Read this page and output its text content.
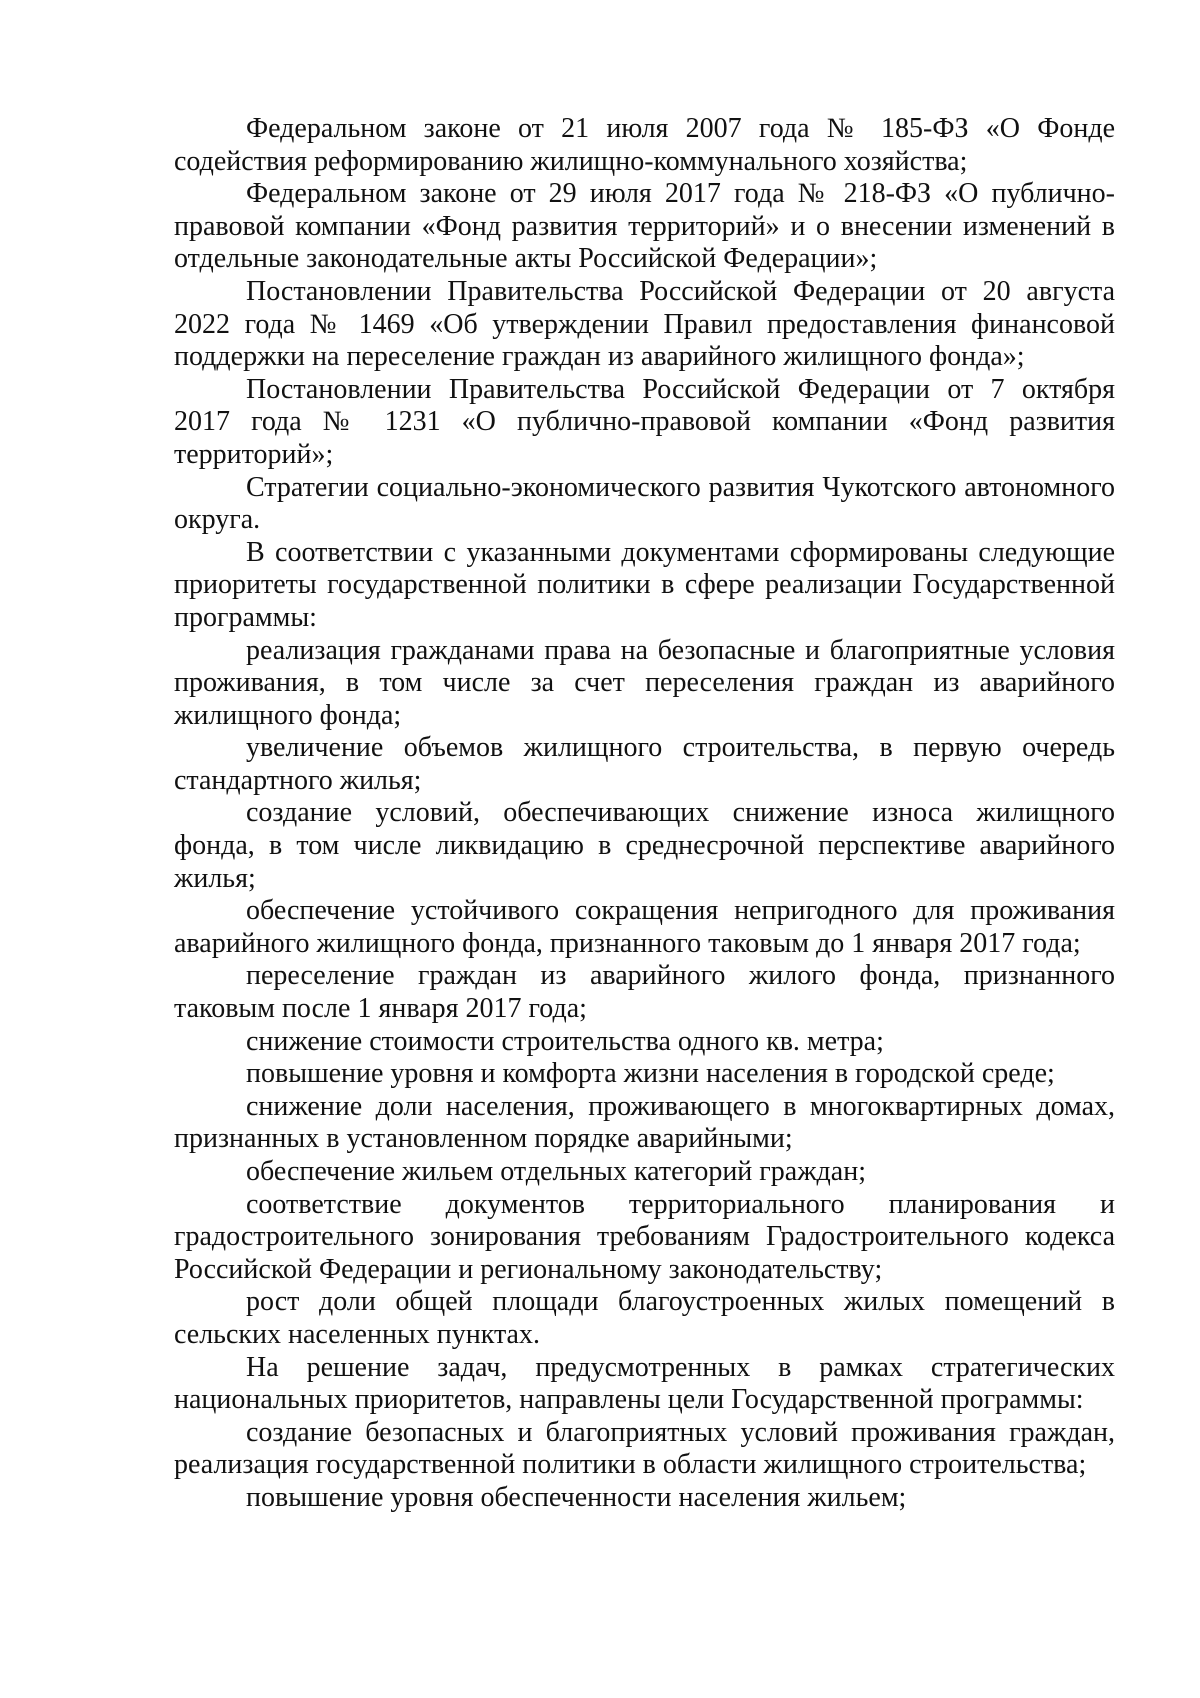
Федеральном законе от 21 июля 2007 года № 185-ФЗ «О Фонде содействия реформированию жилищно-коммунального хозяйства;

Федеральном законе от 29 июля 2017 года № 218-ФЗ «О публично-правовой компании «Фонд развития территорий» и о внесении изменений в отдельные законодательные акты Российской Федерации»;

Постановлении Правительства Российской Федерации от 20 августа 2022 года № 1469 «Об утверждении Правил предоставления финансовой поддержки на переселение граждан из аварийного жилищного фонда»;

Постановлении Правительства Российской Федерации от 7 октября 2017 года № 1231 «О публично-правовой компании «Фонд развития территорий»;

Стратегии социально-экономического развития Чукотского автономного округа.

В соответствии с указанными документами сформированы следующие приоритеты государственной политики в сфере реализации Государственной программы:

реализация гражданами права на безопасные и благоприятные условия проживания, в том числе за счет переселения граждан из аварийного жилищного фонда;

увеличение объемов жилищного строительства, в первую очередь стандартного жилья;

создание условий, обеспечивающих снижение износа жилищного фонда, в том числе ликвидацию в среднесрочной перспективе аварийного жилья;

обеспечение устойчивого сокращения непригодного для проживания аварийного жилищного фонда, признанного таковым до 1 января 2017 года;

переселение граждан из аварийного жилого фонда, признанного таковым после 1 января 2017 года;

снижение стоимости строительства одного кв. метра;

повышение уровня и комфорта жизни населения в городской среде;

снижение доли населения, проживающего в многоквартирных домах, признанных в установленном порядке аварийными;

обеспечение жильем отдельных категорий граждан;

соответствие документов территориального планирования и градостроительного зонирования требованиям Градостроительного кодекса Российской Федерации и региональному законодательству;

рост доли общей площади благоустроенных жилых помещений в сельских населенных пунктах.

На решение задач, предусмотренных в рамках стратегических национальных приоритетов, направлены цели Государственной программы:

создание безопасных и благоприятных условий проживания граждан, реализация государственной политики в области жилищного строительства;

повышение уровня обеспеченности населения жильем;
